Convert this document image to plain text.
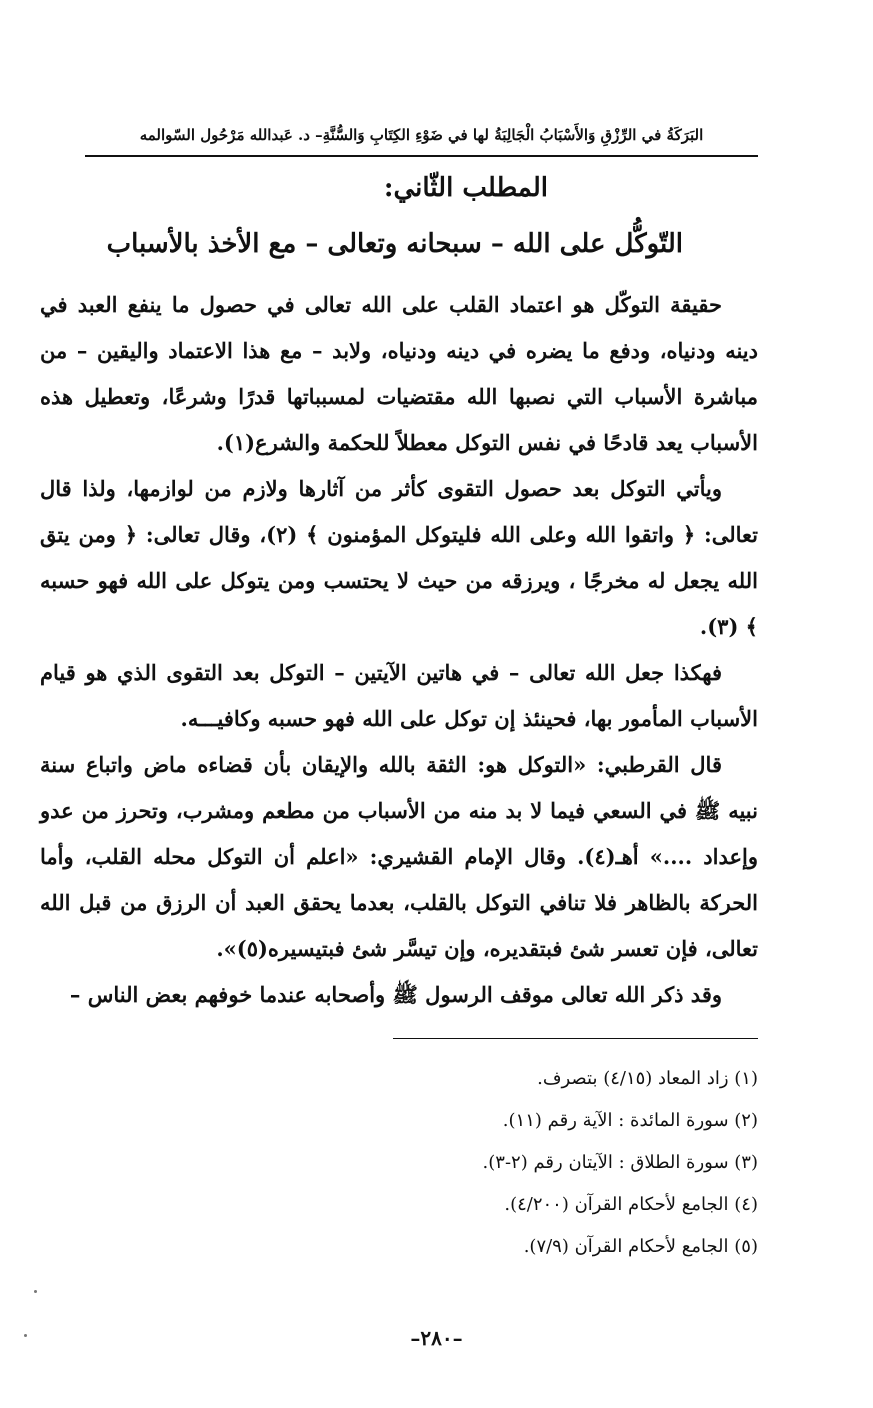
البَرَكَةُ في الرِّزْقِ وَالأَسْبَابُ الْجَالِبَةُ لها في ضَوْءِ الكِتَابِ وَالسُّنَّةِ– د. عَبدالله مَرْحُول السّوالمه
المطلب الثّاني:
التّوكُّل على الله – سبحانه وتعالى – مع الأخذ بالأسباب

حقيقة التوكّل هو اعتماد القلب على الله تعالى في حصول ما ينفع العبد في دينه ودنياه، ودفع ما يضره في دينه ودنياه، ولابد – مع هذا الاعتماد واليقين – من مباشرة الأسباب التي نصبها الله مقتضيات لمسبباتها قدرًا وشرعًا، وتعطيل هذه الأسباب يعد قادحًا في نفس التوكل معطلاً للحكمة والشرع(١).

ويأتي التوكل بعد حصول التقوى كأثر من آثارها ولازم من لوازمها، ولذا قال تعالى: ﴿ واتقوا الله وعلى الله فليتوكل المؤمنون ﴾ (٢)، وقال تعالى: ﴿ ومن يتق الله يجعل له مخرجًا ، ويرزقه من حيث لا يحتسب ومن يتوكل على الله فهو حسبه ﴾ (٣).

فهكذا جعل الله تعالى – في هاتين الآيتين – التوكل بعد التقوى الذي هو قيام الأسباب المأمور بها، فحينئذ إن توكل على الله فهو حسبه وكافيـــه.

قال القرطبي: «التوكل هو: الثقة بالله والإيقان بأن قضاءه ماض واتباع سنة نبيه ﷺ في السعي فيما لا بد منه من الأسباب من مطعم ومشرب، وتحرز من عدو وإعداد ....» أهـ(٤). وقال الإمام القشيري: «اعلم أن التوكل محله القلب، وأما الحركة بالظاهر فلا تنافي التوكل بالقلب، بعدما يحقق العبد أن الرزق من قبل الله تعالى، فإن تعسر شئ فبتقديره، وإن تيسَّر شئ فبتيسيره(٥)».

وقد ذكر الله تعالى موقف الرسول ﷺ وأصحابه عندما خوفهم بعض الناس –

(١) زاد المعاد (٤/١٥) بتصرف.
(٢) سورة المائدة : الآية رقم (١١).
(٣) سورة الطلاق : الآيتان رقم (٢-٣).
(٤) الجامع لأحكام القرآن (٤/٢٠٠).
(٥) الجامع لأحكام القرآن (٧/٩).
–٢٨٠–
